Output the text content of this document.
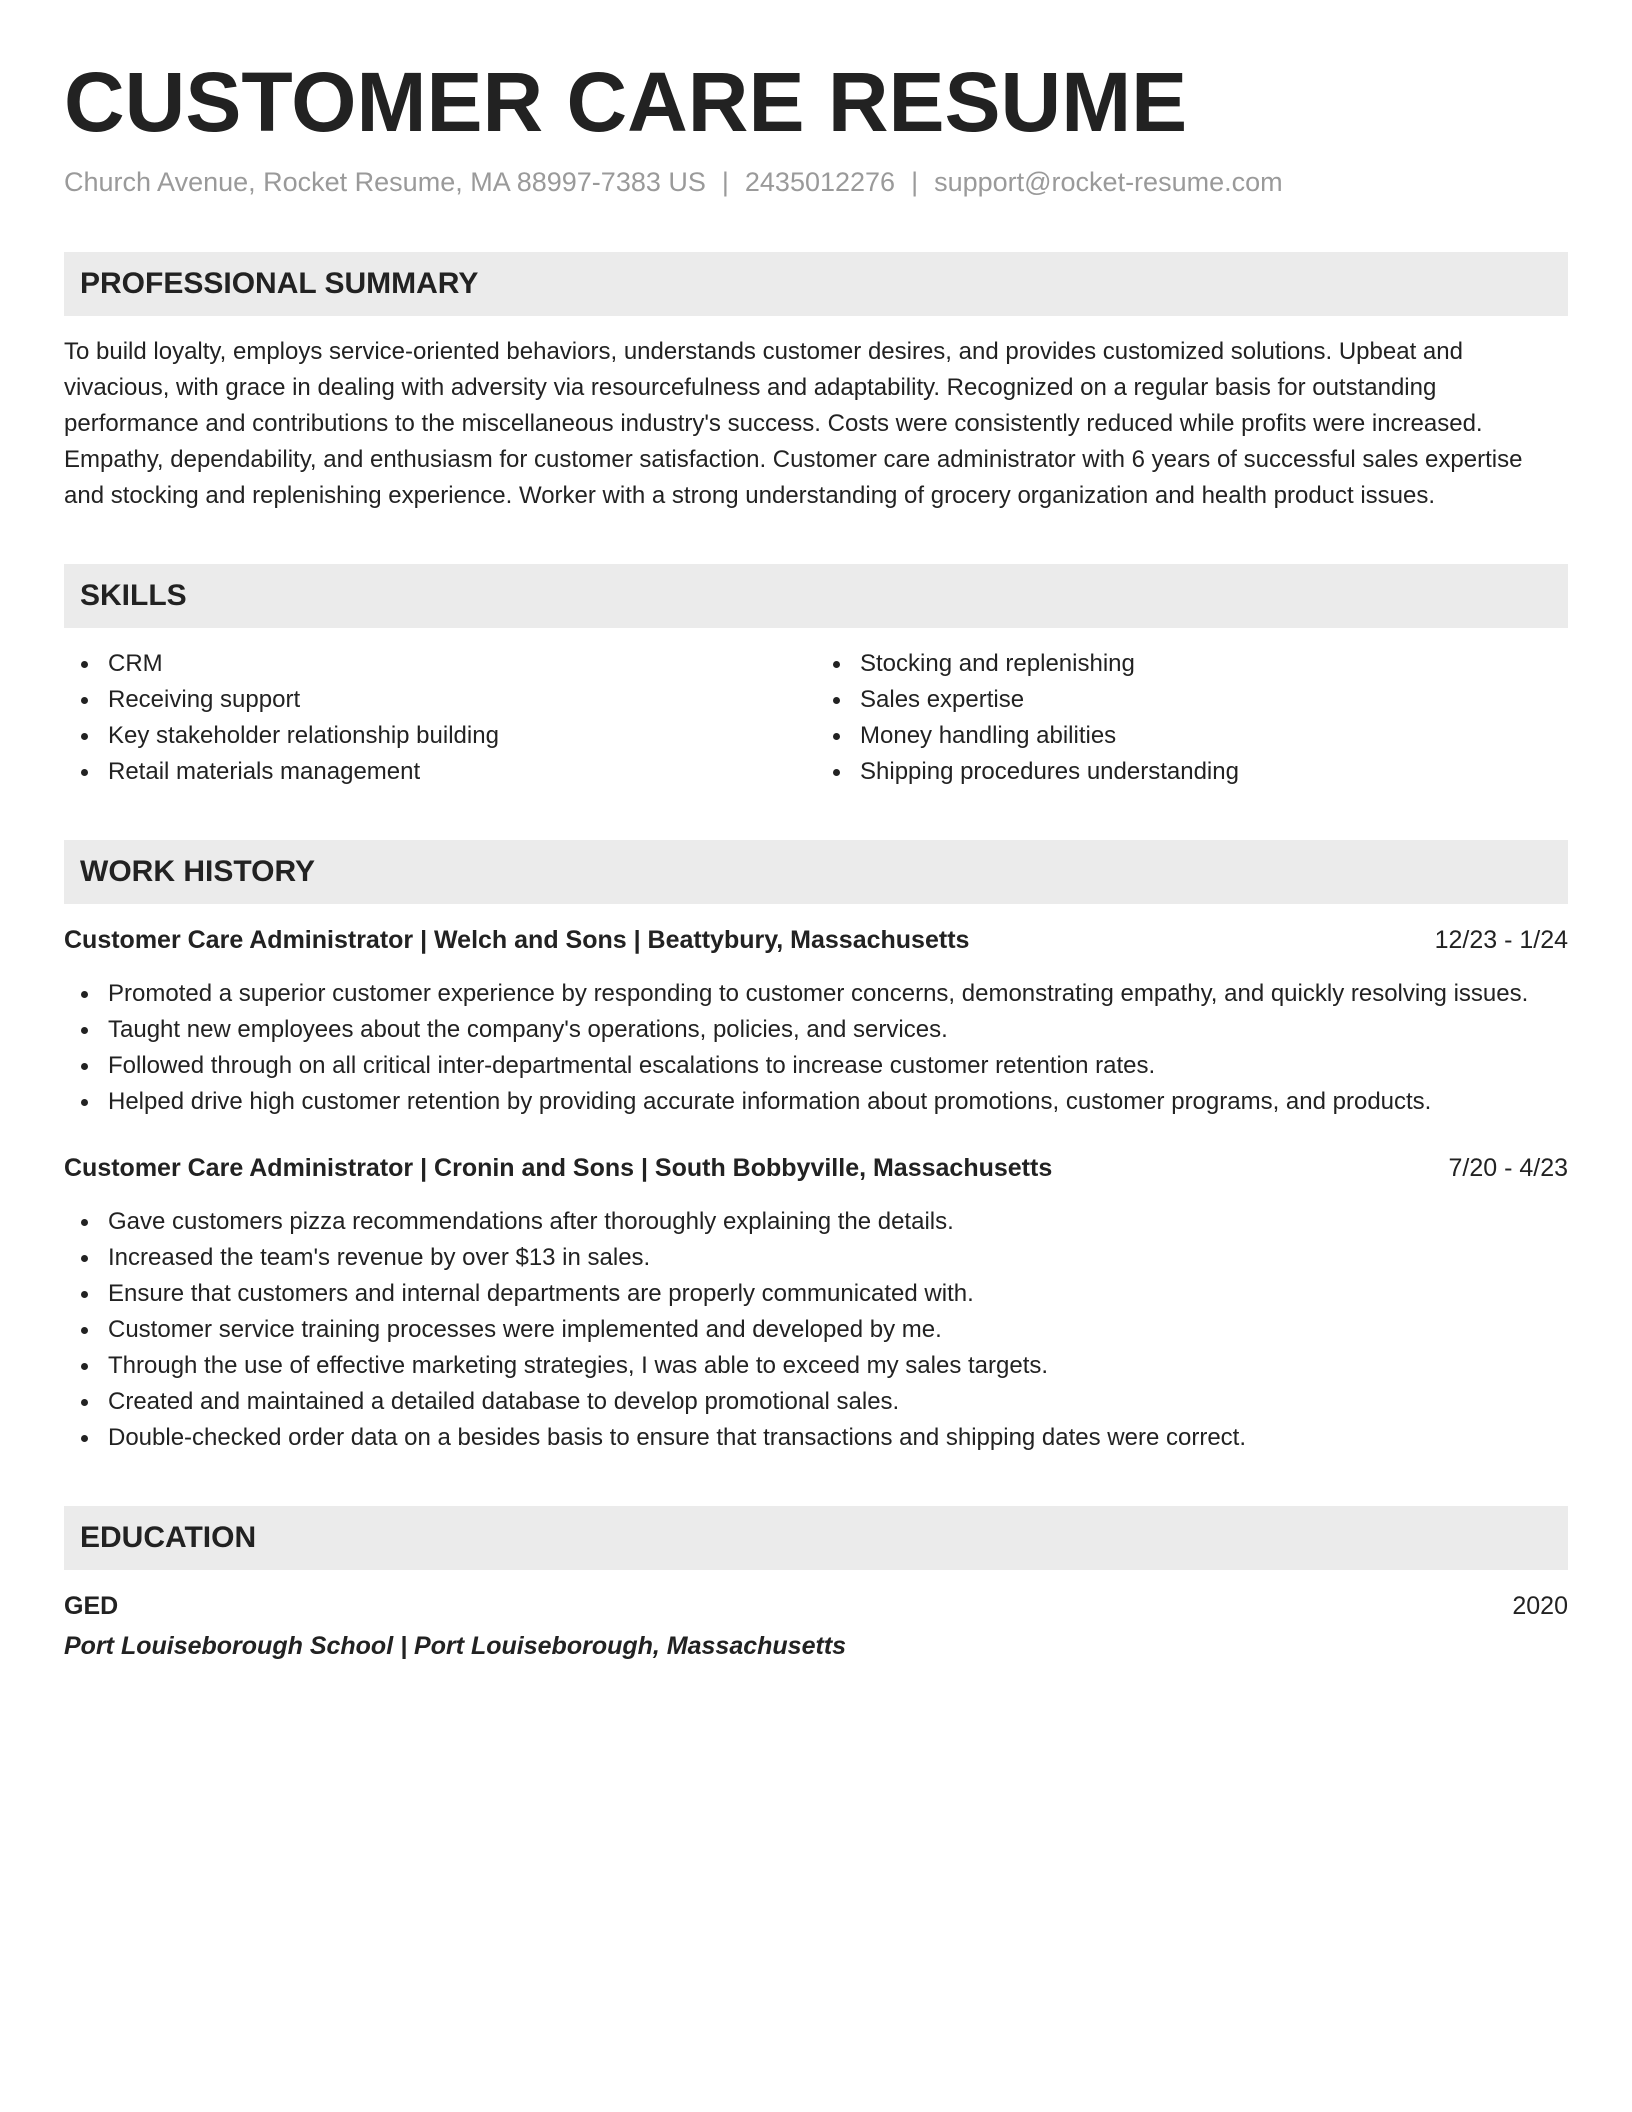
CUSTOMER CARE RESUME
Church Avenue, Rocket Resume, MA 88997-7383 US | 2435012276 | support@rocket-resume.com
PROFESSIONAL SUMMARY
To build loyalty, employs service-oriented behaviors, understands customer desires, and provides customized solutions. Upbeat and vivacious, with grace in dealing with adversity via resourcefulness and adaptability. Recognized on a regular basis for outstanding performance and contributions to the miscellaneous industry's success. Costs were consistently reduced while profits were increased. Empathy, dependability, and enthusiasm for customer satisfaction. Customer care administrator with 6 years of successful sales expertise and stocking and replenishing experience. Worker with a strong understanding of grocery organization and health product issues.
SKILLS
CRM
Receiving support
Key stakeholder relationship building
Retail materials management
Stocking and replenishing
Sales expertise
Money handling abilities
Shipping procedures understanding
WORK HISTORY
Customer Care Administrator | Welch and Sons | Beattybury, Massachusetts	12/23 - 1/24
Promoted a superior customer experience by responding to customer concerns, demonstrating empathy, and quickly resolving issues.
Taught new employees about the company's operations, policies, and services.
Followed through on all critical inter-departmental escalations to increase customer retention rates.
Helped drive high customer retention by providing accurate information about promotions, customer programs, and products.
Customer Care Administrator | Cronin and Sons | South Bobbyville, Massachusetts	7/20 - 4/23
Gave customers pizza recommendations after thoroughly explaining the details.
Increased the team's revenue by over $13 in sales.
Ensure that customers and internal departments are properly communicated with.
Customer service training processes were implemented and developed by me.
Through the use of effective marketing strategies, I was able to exceed my sales targets.
Created and maintained a detailed database to develop promotional sales.
Double-checked order data on a besides basis to ensure that transactions and shipping dates were correct.
EDUCATION
GED	2020
Port Louiseborough School | Port Louiseborough, Massachusetts
